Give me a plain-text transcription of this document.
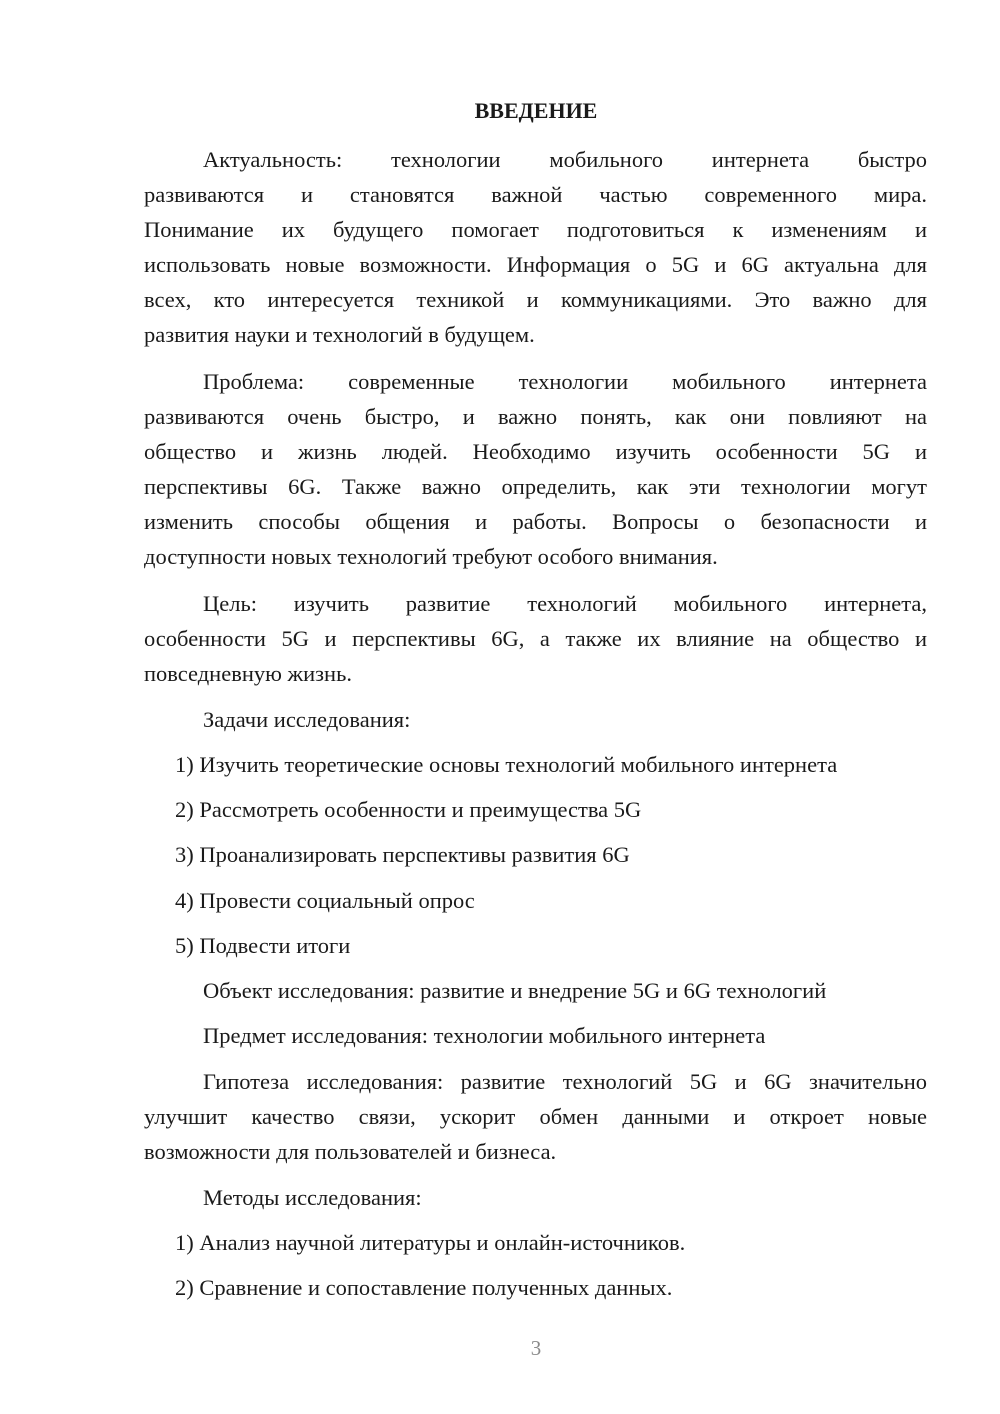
ВВЕДЕНИЕ
Актуальность: технологии мобильного интернета быстро
развиваются и становятся важной частью современного мира.
Понимание их будущего помогает подготовиться к изменениям и
использовать новые возможности. Информация о 5G и 6G актуальна для
всех, кто интересуется техникой и коммуникациями. Это важно для
развития науки и технологий в будущем.
Проблема: современные технологии мобильного интернета
развиваются очень быстро, и важно понять, как они повлияют на
общество и жизнь людей. Необходимо изучить особенности 5G и
перспективы 6G. Также важно определить, как эти технологии могут
изменить способы общения и работы. Вопросы о безопасности и
доступности новых технологий требуют особого внимания.
Цель: изучить развитие технологий мобильного интернета,
особенности 5G и перспективы 6G, а также их влияние на общество и
повседневную жизнь.
Задачи исследования:
1) Изучить теоретические основы технологий мобильного интернета
2) Рассмотреть особенности и преимущества 5G
3) Проанализировать перспективы развития 6G
4) Провести социальный опрос
5) Подвести итоги
Объект исследования: развитие и внедрение 5G и 6G технологий
Предмет исследования: технологии мобильного интернета
Гипотеза исследования: развитие технологий 5G и 6G значительно
улучшит качество связи, ускорит обмен данными и откроет новые
возможности для пользователей и бизнеса.
Методы исследования:
1) Анализ научной литературы и онлайн-источников.
2) Сравнение и сопоставление полученных данных.
3
